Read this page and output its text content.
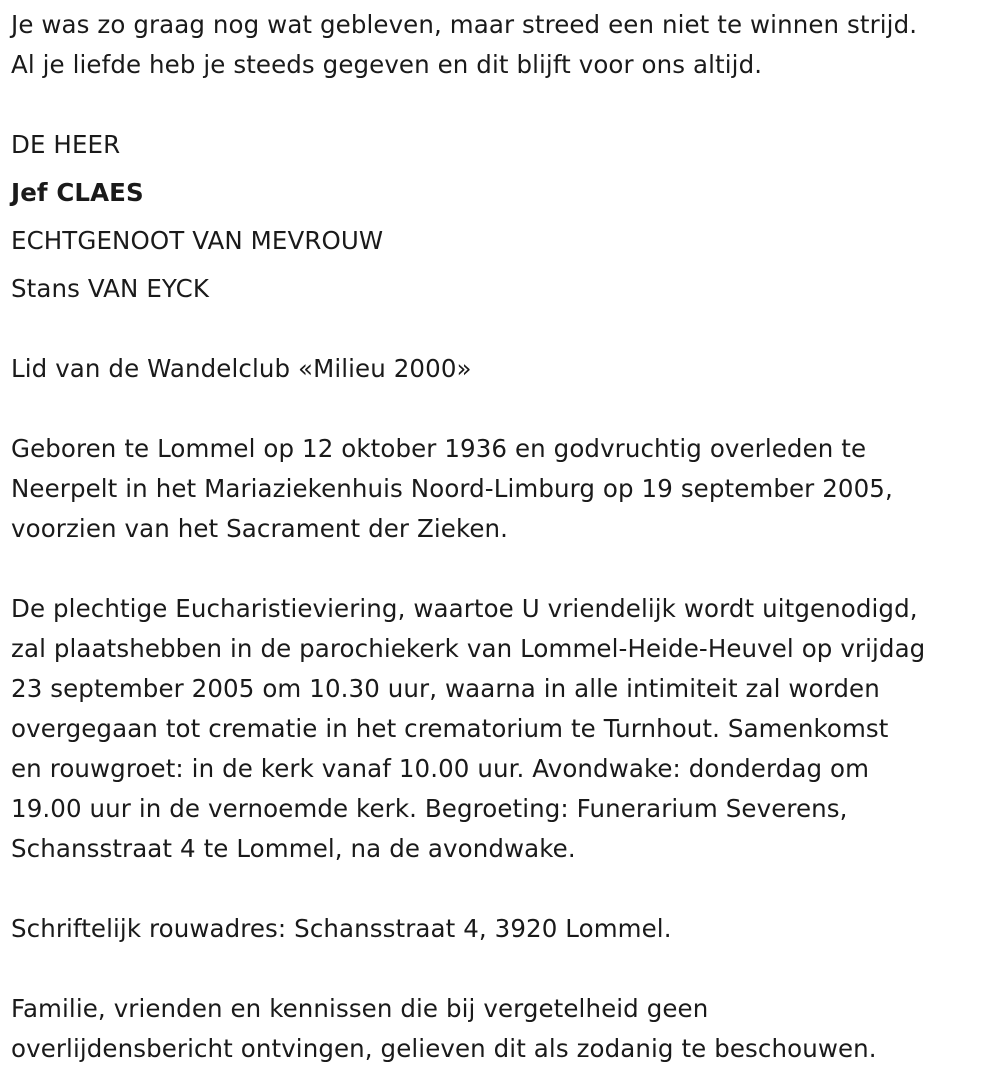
Je was zo graag nog wat gebleven, maar streed een niet te winnen strijd.
Al je liefde heb je steeds gegeven en dit blijft voor ons altijd.

DE HEER
Jef CLAES
ECHTGENOOT VAN MEVROUW
Stans VAN EYCK

Lid van de Wandelclub «Milieu 2000»

Geboren te Lommel op 12 oktober 1936 en godvruchtig overleden te
Neerpelt in het Mariaziekenhuis Noord-Limburg op 19 september 2005,
voorzien van het Sacrament der Zieken.

De plechtige Eucharistieviering, waartoe U vriendelijk wordt uitgenodigd,
zal plaatshebben in de parochiekerk van Lommel-Heide-Heuvel op vrijdag
23 september 2005 om 10.30 uur, waarna in alle intimiteit zal worden
overgegaan tot crematie in het crematorium te Turnhout. Samenkomst
en rouwgroet: in de kerk vanaf 10.00 uur. Avondwake: donderdag om
19.00 uur in de vernoemde kerk. Begroeting: Funerarium Severens,
Schansstraat 4 te Lommel, na de avondwake.

Schriftelijk rouwadres: Schansstraat 4, 3920 Lommel.

Familie, vrienden en kennissen die bij vergetelheid geen
overlijdensbericht ontvingen, gelieven dit als zodanig te beschouwen.
